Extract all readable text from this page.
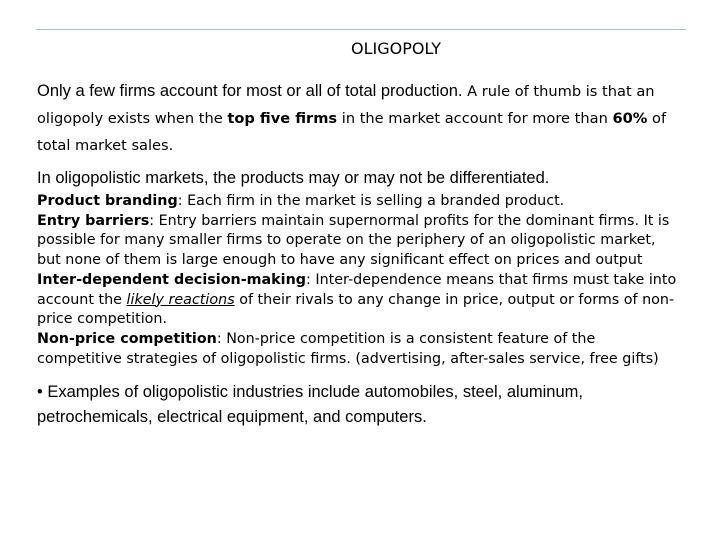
OLIGOPOLY

Only a few firms account for most or all of total production. A rule of thumb is that an oligopoly exists when the top five firms in the market account for more than 60% of total market sales.

In oligopolistic markets, the products may or may not be differentiated.

Product branding: Each firm in the market is selling a branded product.

Entry barriers: Entry barriers maintain supernormal profits for the dominant firms. It is possible for many smaller firms to operate on the periphery of an oligopolistic market, but none of them is large enough to have any significant effect on prices and output

Inter-dependent decision-making: Inter-dependence means that firms must take into account the likely reactions of their rivals to any change in price, output or forms of non-price competition.

Non-price competition: Non-price competition is a consistent feature of the competitive strategies of oligopolistic firms. (advertising, after-sales service, free gifts)

• Examples of oligopolistic industries include automobiles, steel, aluminum, petrochemicals, electrical equipment, and computers.
